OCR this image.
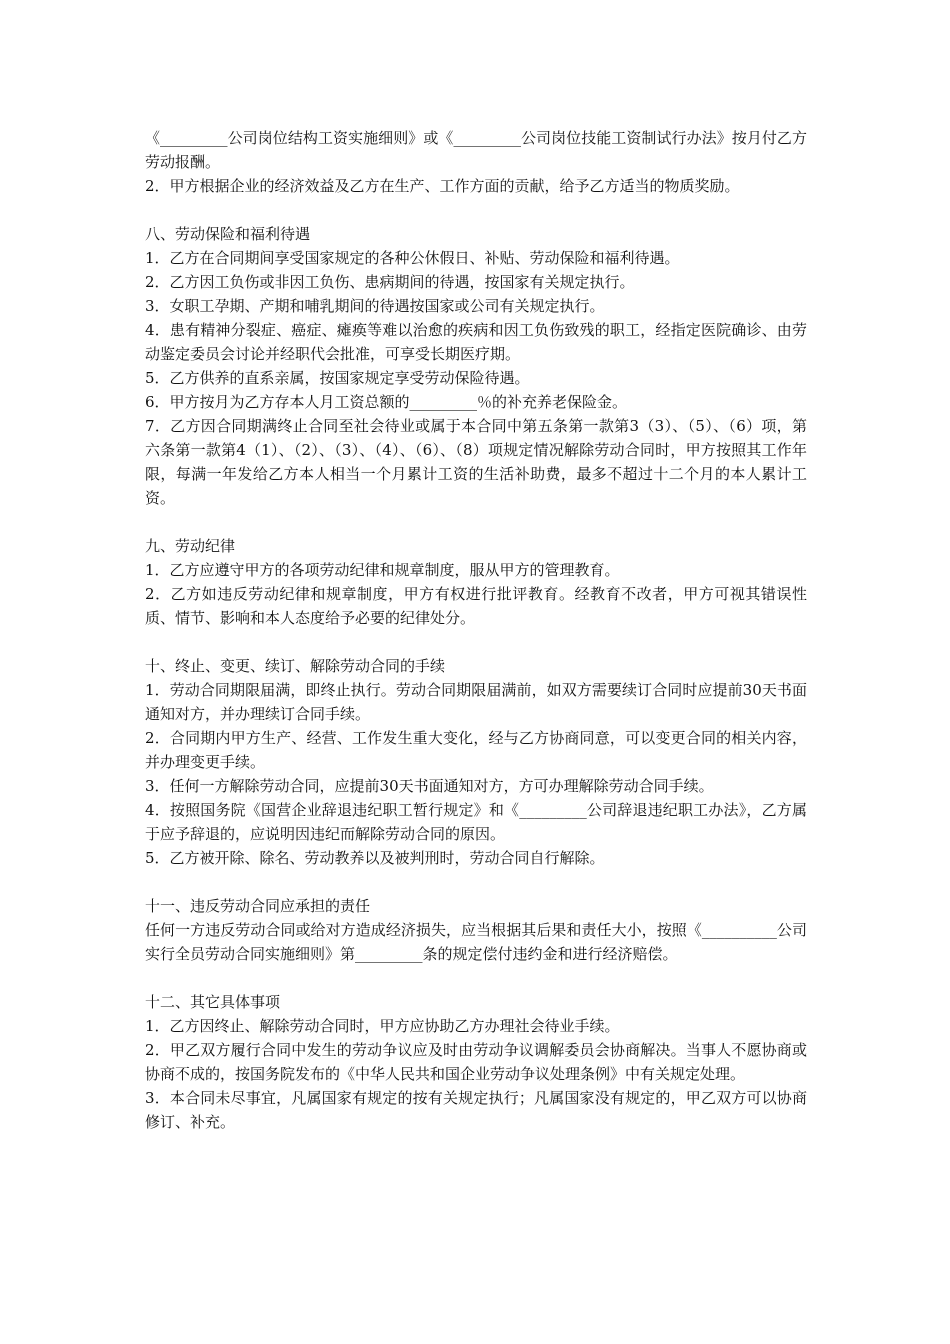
《_________公司岗位结构工资实施细则》或《_________公司岗位技能工资制试行办法》按月付乙方劳动报酬。

2．甲方根据企业的经济效益及乙方在生产、工作方面的贡献，给予乙方适当的物质奖励。

八、劳动保险和福利待遇

1．乙方在合同期间享受国家规定的各种公休假日、补贴、劳动保险和福利待遇。

2．乙方因工负伤或非因工负伤、患病期间的待遇，按国家有关规定执行。

3．女职工孕期、产期和哺乳期间的待遇按国家或公司有关规定执行。

4．患有精神分裂症、癌症、瘫痪等难以治愈的疾病和因工负伤致残的职工，经指定医院确诊、由劳动鉴定委员会讨论并经职代会批准，可享受长期医疗期。

5．乙方供养的直系亲属，按国家规定享受劳动保险待遇。

6．甲方按月为乙方存本人月工资总额的_________％的补充养老保险金。

7．乙方因合同期满终止合同至社会待业或属于本合同中第五条第一款第3（3）、（5）、（6）项，第六条第一款第4（1）、（2）、（3）、（4）、（6）、（8）项规定情况解除劳动合同时，甲方按照其工作年限，每满一年发给乙方本人相当一个月累计工资的生活补助费，最多不超过十二个月的本人累计工资。

九、劳动纪律

1．乙方应遵守甲方的各项劳动纪律和规章制度，服从甲方的管理教育。

2．乙方如违反劳动纪律和规章制度，甲方有权进行批评教育。经教育不改者，甲方可视其错误性质、情节、影响和本人态度给予必要的纪律处分。

十、终止、变更、续订、解除劳动合同的手续

1．劳动合同期限届满，即终止执行。劳动合同期限届满前，如双方需要续订合同时应提前30天书面通知对方，并办理续订合同手续。

2．合同期内甲方生产、经营、工作发生重大变化，经与乙方协商同意，可以变更合同的相关内容，并办理变更手续。

3．任何一方解除劳动合同，应提前30天书面通知对方，方可办理解除劳动合同手续。

4．按照国务院《国营企业辞退违纪职工暂行规定》和《_________公司辞退违纪职工办法》，乙方属于应予辞退的，应说明因违纪而解除劳动合同的原因。

5．乙方被开除、除名、劳动教养以及被判刑时，劳动合同自行解除。

十一、违反劳动合同应承担的责任

任何一方违反劳动合同或给对方造成经济损失，应当根据其后果和责任大小，按照《__________公司实行全员劳动合同实施细则》第_________条的规定偿付违约金和进行经济赔偿。

十二、其它具体事项

1．乙方因终止、解除劳动合同时，甲方应协助乙方办理社会待业手续。

2．甲乙双方履行合同中发生的劳动争议应及时由劳动争议调解委员会协商解决。当事人不愿协商或协商不成的，按国务院发布的《中华人民共和国企业劳动争议处理条例》中有关规定处理。

3．本合同未尽事宜，凡属国家有规定的按有关规定执行；凡属国家没有规定的，甲乙双方可以协商修订、补充。
